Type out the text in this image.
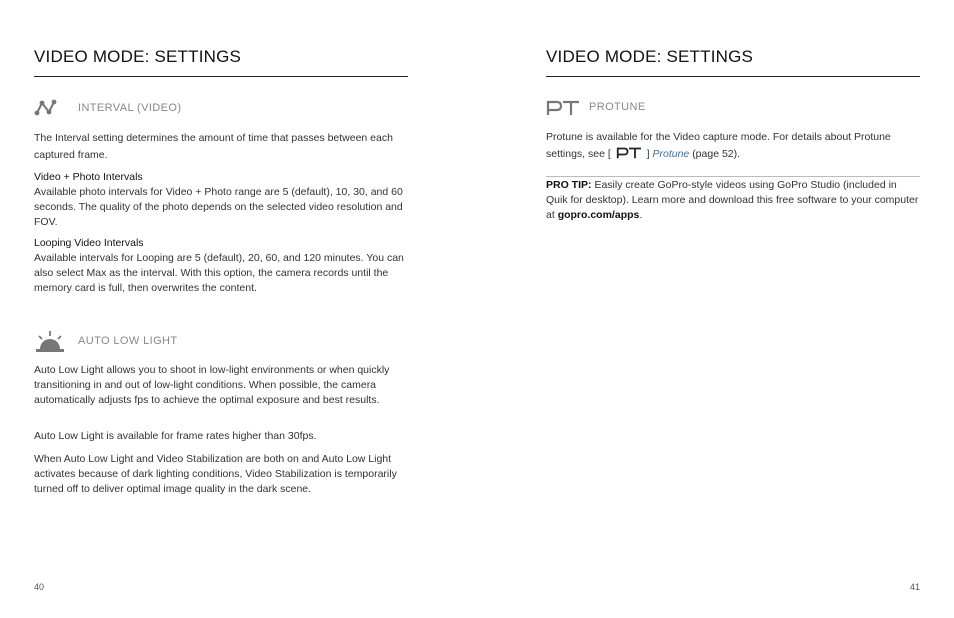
VIDEO MODE: SETTINGS
INTERVAL (VIDEO)
The Interval setting determines the amount of time that passes between each captured frame.
Video + Photo Intervals
Available photo intervals for Video + Photo range are 5 (default), 10, 30, and 60 seconds. The quality of the photo depends on the selected video resolution and FOV.
Looping Video Intervals
Available intervals for Looping are 5 (default), 20, 60, and 120 minutes. You can also select Max as the interval. With this option, the camera records until the memory card is full, then overwrites the content.
AUTO LOW LIGHT
Auto Low Light allows you to shoot in low-light environments or when quickly transitioning in and out of low-light conditions. When possible, the camera automatically adjusts fps to achieve the optimal exposure and best results.
Auto Low Light is available for frame rates higher than 30fps.
When Auto Low Light and Video Stabilization are both on and Auto Low Light activates because of dark lighting conditions, Video Stabilization is temporarily turned off to deliver optimal image quality in the dark scene.
40
VIDEO MODE: SETTINGS
PROTUNE
Protune is available for the Video capture mode. For details about Protune settings, see [	] Protune (page 52).
PRO TIP: Easily create GoPro-style videos using GoPro Studio (included in Quik for desktop). Learn more and download this free software to your computer at gopro.com/apps.
41
